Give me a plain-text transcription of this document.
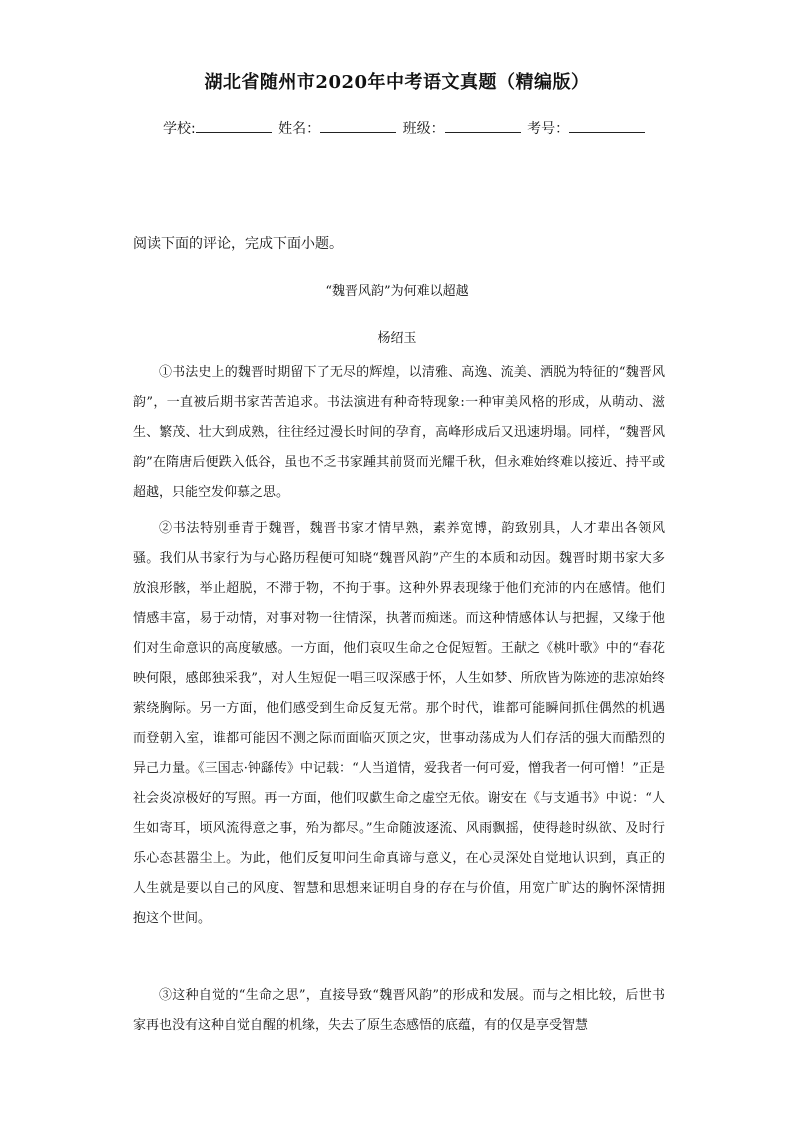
湖北省随州市2020年中考语文真题（精编版）
学校:	姓名：	班级：	考号：
阅读下面的评论，完成下面小题。
“魏晋风韵”为何难以超越
杨绍玉

①书法史上的魏晋时期留下了无尽的辉煌，以清雅、高逸、流美、洒脱为特征的“魏晋风韵”，一直被后期书家苦苦追求。书法演进有种奇特现象:一种审美风格的形成，从萌动、滋生、繁茂、壮大到成熟，往往经过漫长时间的孕育，高峰形成后又迅速坍塌。同样，“魏晋风韵”在隋唐后便跌入低谷，虽也不乏书家踵其前贤而光耀千秋，但永难始终难以接近、持平或超越，只能空发仰慕之思。

②书法特别垂青于魏晋，魏晋书家才情早熟，素养宽博，韵致别具，人才辈出各领风骚。我们从书家行为与心路历程便可知晓“魏晋风韵”产生的本质和动因。魏晋时期书家大多放浪形骸，举止超脱，不滞于物，不拘于事。这种外界表现缘于他们充沛的内在感情。他们情感丰富，易于动情，对事对物一往情深，执著而痴迷。而这种情感体认与把握，又缘于他们对生命意识的高度敏感。一方面，他们哀叹生命之仓促短暂。王献之《桃叶歌》中的“春花映何限，感郎独采我”，对人生短促一唱三叹深感于怀，人生如梦、所欣皆为陈迹的悲凉始终萦绕胸际。另一方面，他们感受到生命反复无常。那个时代，谁都可能瞬间抓住偶然的机遇而登朝入室，谁都可能因不测之际而面临灭顶之灾，世事动荡成为人们存活的强大而酷烈的异己力量。《三国志·钟繇传》中记载：“人当道情，爱我者一何可爱，憎我者一何可憎！”正是社会炎凉极好的写照。再一方面，他们叹歔生命之虚空无依。谢安在《与支遁书》中说：“人生如寄耳，顷风流得意之事，殆为都尽。”生命随波逐流、风雨飘摇，使得趁时纵欲、及时行乐心态甚嚣尘上。为此，他们反复叩问生命真谛与意义，在心灵深处自觉地认识到，真正的人生就是要以自己的风度、智慧和思想来证明自身的存在与价值，用宽广旷达的胸怀深情拥抱这个世间。

③这种自觉的“生命之思”，直接导致“魏晋风韵”的形成和发展。而与之相比较，后世书家再也没有这种自觉自醒的机缘，失去了原生态感悟的底蕴，有的仅是享受智慧
